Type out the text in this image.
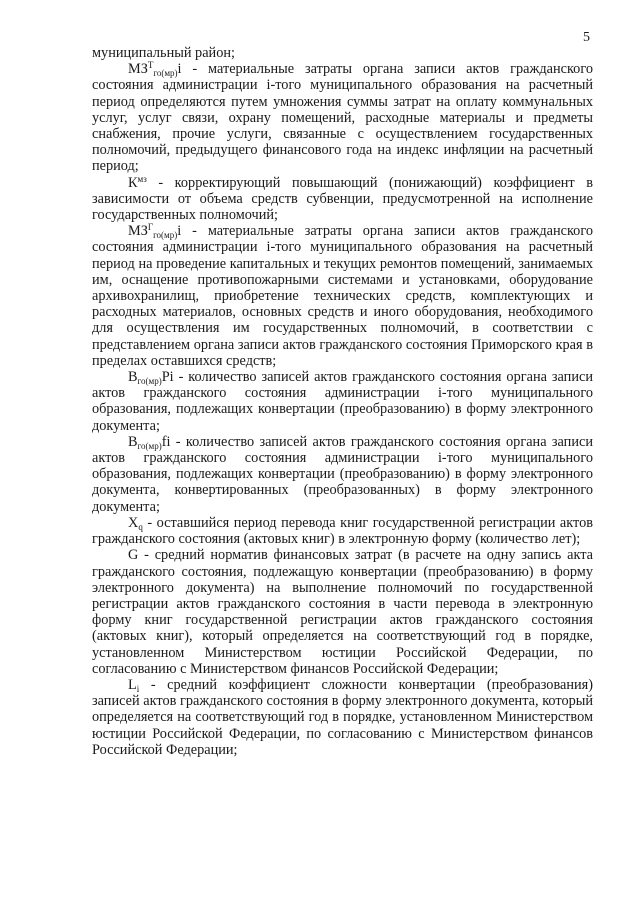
5

муниципальный район;

$МЗ^Т_{го(мр)}i$ - материальные затраты органа записи актов гражданского состояния администрации i-того муниципального образования на расчетный период определяются путем умножения суммы затрат на оплату коммунальных услуг, услуг связи, охрану помещений, расходные материалы и предметы снабжения, прочие услуги, связанные с осуществлением государственных полномочий, предыдущего финансового года на индекс инфляции на расчетный период;

$К^{мз}$ - корректирующий повышающий (понижающий) коэффициент в зависимости от объема средств субвенции, предусмотренной на исполнение государственных полномочий;

$МЗ^Г_{го(мр)}i$ - материальные затраты органа записи актов гражданского состояния администрации i-того муниципального образования на расчетный период на проведение капитальных и текущих ремонтов помещений, занимаемых им, оснащение противопожарными системами и установками, оборудование архивохранилищ, приобретение технических средств, комплектующих и расходных материалов, основных средств и иного оборудования, необходимого для осуществления им государственных полномочий, в соответствии с представлением органа записи актов гражданского состояния Приморского края в пределах оставшихся средств;

$В_{го(мр)}Pi$ - количество записей актов гражданского состояния органа записи актов гражданского состояния администрации i-того муниципального образования, подлежащих конвертации (преобразованию) в форму электронного документа;

$В_{го(мр)}fi$ - количество записей актов гражданского состояния органа записи актов гражданского состояния администрации i-того муниципального образования, подлежащих конвертации (преобразованию) в форму электронного документа, конвертированных (преобразованных) в форму электронного документа;

$X_q$ - оставшийся период перевода книг государственной регистрации актов гражданского состояния (актовых книг) в электронную форму (количество лет);

G - средний норматив финансовых затрат (в расчете на одну запись акта гражданского состояния, подлежащую конвертации (преобразованию) в форму электронного документа) на выполнение полномочий по государственной регистрации актов гражданского состояния в части перевода в электронную форму книг государственной регистрации актов гражданского состояния (актовых книг), который определяется на соответствующий год в порядке, установленном Министерством юстиции Российской Федерации, по согласованию с Министерством финансов Российской Федерации;

$L_i$ - средний коэффициент сложности конвертации (преобразования) записей актов гражданского состояния в форму электронного документа, который определяется на соответствующий год в порядке, установленном Министерством юстиции Российской Федерации, по согласованию с Министерством финансов Российской Федерации;
